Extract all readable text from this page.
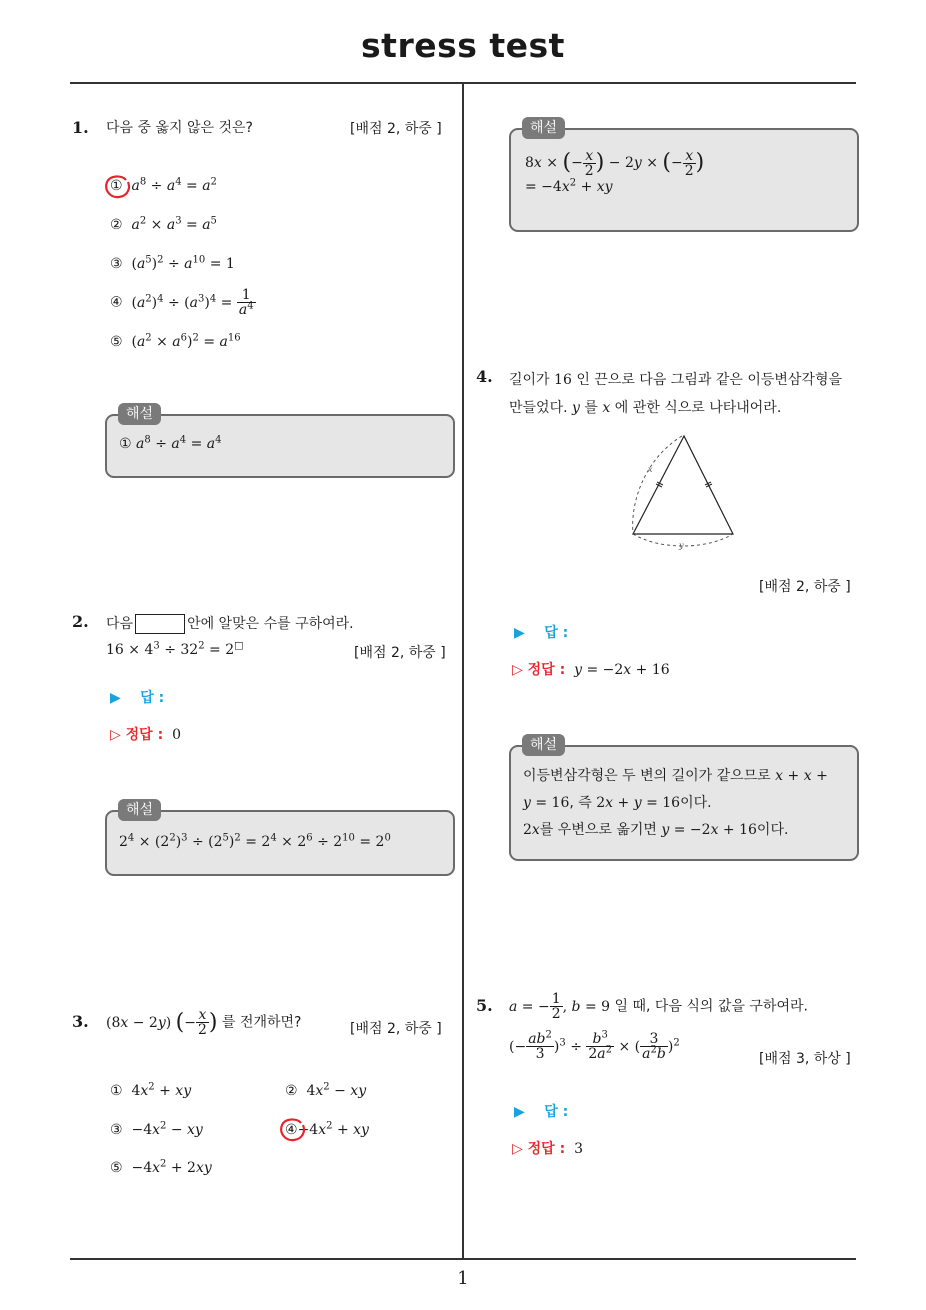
stress test
1
1. 다음 중 옳지 않은 것은?	[배점 2, 하중 ]
① $a^8 \div a^4 = a^2$
② $a^2 \times a^3 = a^5$
③ $(a^5)^2 \div a^{10} = 1$
④ $(a^2)^4 \div (a^3)^4 = \frac{1}{a^4}$
⑤ $(a^2 \times a^6)^2 = a^{16}$
① $a^8 \div a^4 = a^4$
해설
2. 다음	안에 알맞은 수를 구하여라.
$16 \times 4^3 \div 32^2 = 2^□$	[배점 2, 하중 ]
▶ 답 :
▷ 정답 : 0
$2^4 \times (2^2)^3 \div (2^5)^2 = 2^4 \times 2^6 \div 2^{10} = 2^0$
해설
3. (8x − 2y) (− $\frac{x}{2}$ ) 를 전개하면?	[배점 2, 하중 ]
① $4x^2$ + xy	② $4x^2$ − xy
③ $-4x^2$ − xy	$④-4x^2$ + xy
⑤ $-4x^2 + 2xy$
8x × (− $\frac{x}{2}$ ) − 2y × (− $\frac{x}{2}$ )
= $-4x^2$ + xy
해설
4. 길이가 16 인 끈으로 다음 그림과 같은 이등변삼각형을
만들었다. y 를 x 에 관한 식으로 나타내어라.
x
y
[배점 2, 하중 ]
▶ 답 :
▷ 정답 : y = −2x + 16
이등변삼각형은 두 변의 길이가 같으므로 x + x +
y = 16, 즉 2x + y = 16이다.
2x를 우변으로 옮기면 y = −2x + 16이다.
해설
5. a = − $\frac{1}{2}$ , b = 9 일 때, 다음 식의 값을 구하여라.
(− $\frac{ab^2}{3} )^3 \div \frac{b^3}{2a^2}$ × ( $\frac{3}{a^2b} )^2$
[배점 3, 하상 ]
▶ 답 :
▷ 정답 : 3
